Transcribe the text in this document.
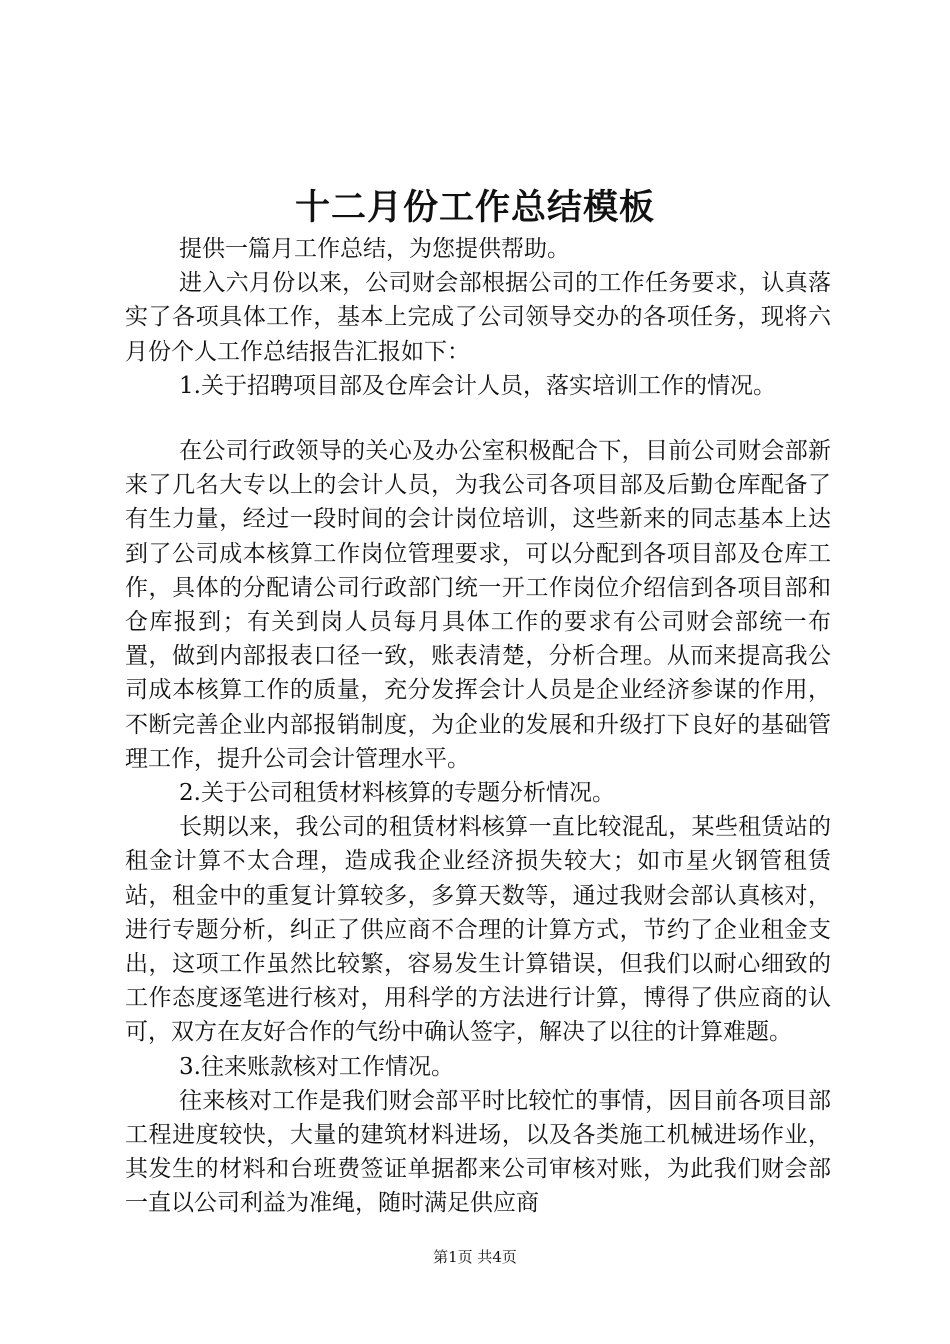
十二月份工作总结模板

提供一篇月工作总结，为您提供帮助。

进入六月份以来，公司财会部根据公司的工作任务要求，认真落实了各项具体工作，基本上完成了公司领导交办的各项任务，现将六月份个人工作总结报告汇报如下：

1.关于招聘项目部及仓库会计人员，落实培训工作的情况。

在公司行政领导的关心及办公室积极配合下，目前公司财会部新来了几名大专以上的会计人员，为我公司各项目部及后勤仓库配备了有生力量，经过一段时间的会计岗位培训，这些新来的同志基本上达到了公司成本核算工作岗位管理要求，可以分配到各项目部及仓库工作，具体的分配请公司行政部门统一开工作岗位介绍信到各项目部和仓库报到；有关到岗人员每月具体工作的要求有公司财会部统一布置，做到内部报表口径一致，账表清楚，分析合理。从而来提高我公司成本核算工作的质量，充分发挥会计人员是企业经济参谋的作用，不断完善企业内部报销制度，为企业的发展和升级打下良好的基础管理工作，提升公司会计管理水平。

2.关于公司租赁材料核算的专题分析情况。

长期以来，我公司的租赁材料核算一直比较混乱，某些租赁站的租金计算不太合理，造成我企业经济损失较大；如市星火钢管租赁站，租金中的重复计算较多，多算天数等，通过我财会部认真核对，进行专题分析，纠正了供应商不合理的计算方式，节约了企业租金支出，这项工作虽然比较繁，容易发生计算错误，但我们以耐心细致的工作态度逐笔进行核对，用科学的方法进行计算，博得了供应商的认可，双方在友好合作的气纷中确认签字，解决了以往的计算难题。

3.往来账款核对工作情况。

往来核对工作是我们财会部平时比较忙的事情，因目前各项目部工程进度较快，大量的建筑材料进场，以及各类施工机械进场作业，其发生的材料和台班费签证单据都来公司审核对账，为此我们财会部一直以公司利益为准绳，随时满足供应商

第1页 共4页
